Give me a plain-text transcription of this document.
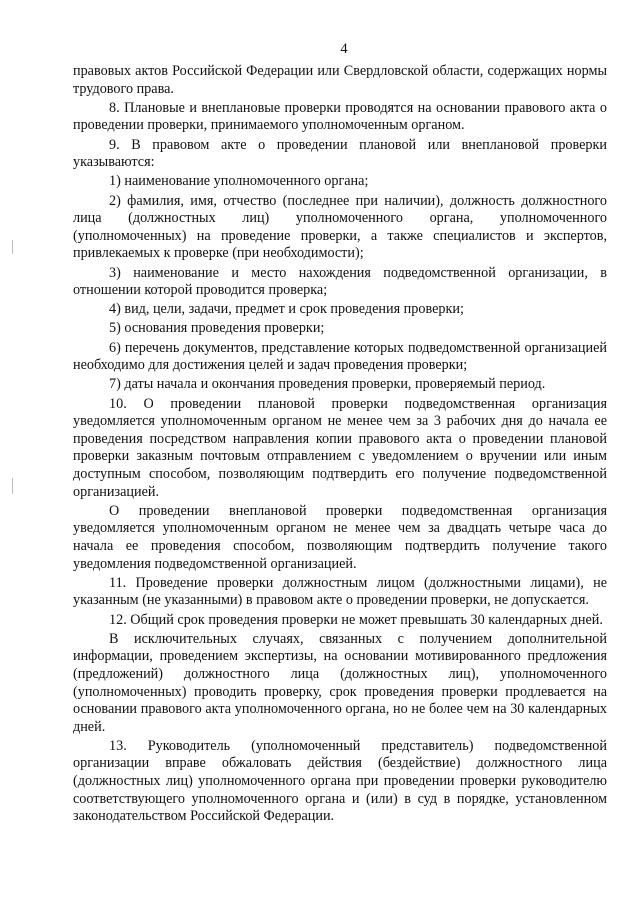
4

правовых актов Российской Федерации или Свердловской области, содержащих нормы трудового права.

8. Плановые и внеплановые проверки проводятся на основании правового акта о проведении проверки, принимаемого уполномоченным органом.

9. В правовом акте о проведении плановой или внеплановой проверки указываются:

1) наименование уполномоченного органа;

2) фамилия, имя, отчество (последнее при наличии), должность должностного лица (должностных лиц) уполномоченного органа, уполномоченного (уполномоченных) на проведение проверки, а также специалистов и экспертов, привлекаемых к проверке (при необходимости);

3) наименование и место нахождения подведомственной организации, в отношении которой проводится проверка;

4) вид, цели, задачи, предмет и срок проведения проверки;

5) основания проведения проверки;

6) перечень документов, представление которых подведомственной организацией необходимо для достижения целей и задач проведения проверки;

7) даты начала и окончания проведения проверки, проверяемый период.

10. О проведении плановой проверки подведомственная организация уведомляется уполномоченным органом не менее чем за 3 рабочих дня до начала ее проведения посредством направления копии правового акта о проведении плановой проверки заказным почтовым отправлением с уведомлением о вручении или иным доступным способом, позволяющим подтвердить его получение подведомственной организацией.

О проведении внеплановой проверки подведомственная организация уведомляется уполномоченным органом не менее чем за двадцать четыре часа до начала ее проведения способом, позволяющим подтвердить получение такого уведомления подведомственной организацией.

11. Проведение проверки должностным лицом (должностными лицами), не указанным (не указанными) в правовом акте о проведении проверки, не допускается.

12. Общий срок проведения проверки не может превышать 30 календарных дней.

В исключительных случаях, связанных с получением дополнительной информации, проведением экспертизы, на основании мотивированного предложения (предложений) должностного лица (должностных лиц), уполномоченного (уполномоченных) проводить проверку, срок проведения проверки продлевается на основании правового акта уполномоченного органа, но не более чем на 30 календарных дней.

13. Руководитель (уполномоченный представитель) подведомственной организации вправе обжаловать действия (бездействие) должностного лица (должностных лиц) уполномоченного органа при проведении проверки руководителю соответствующего уполномоченного органа и (или) в суд в порядке, установленном законодательством Российской Федерации.
